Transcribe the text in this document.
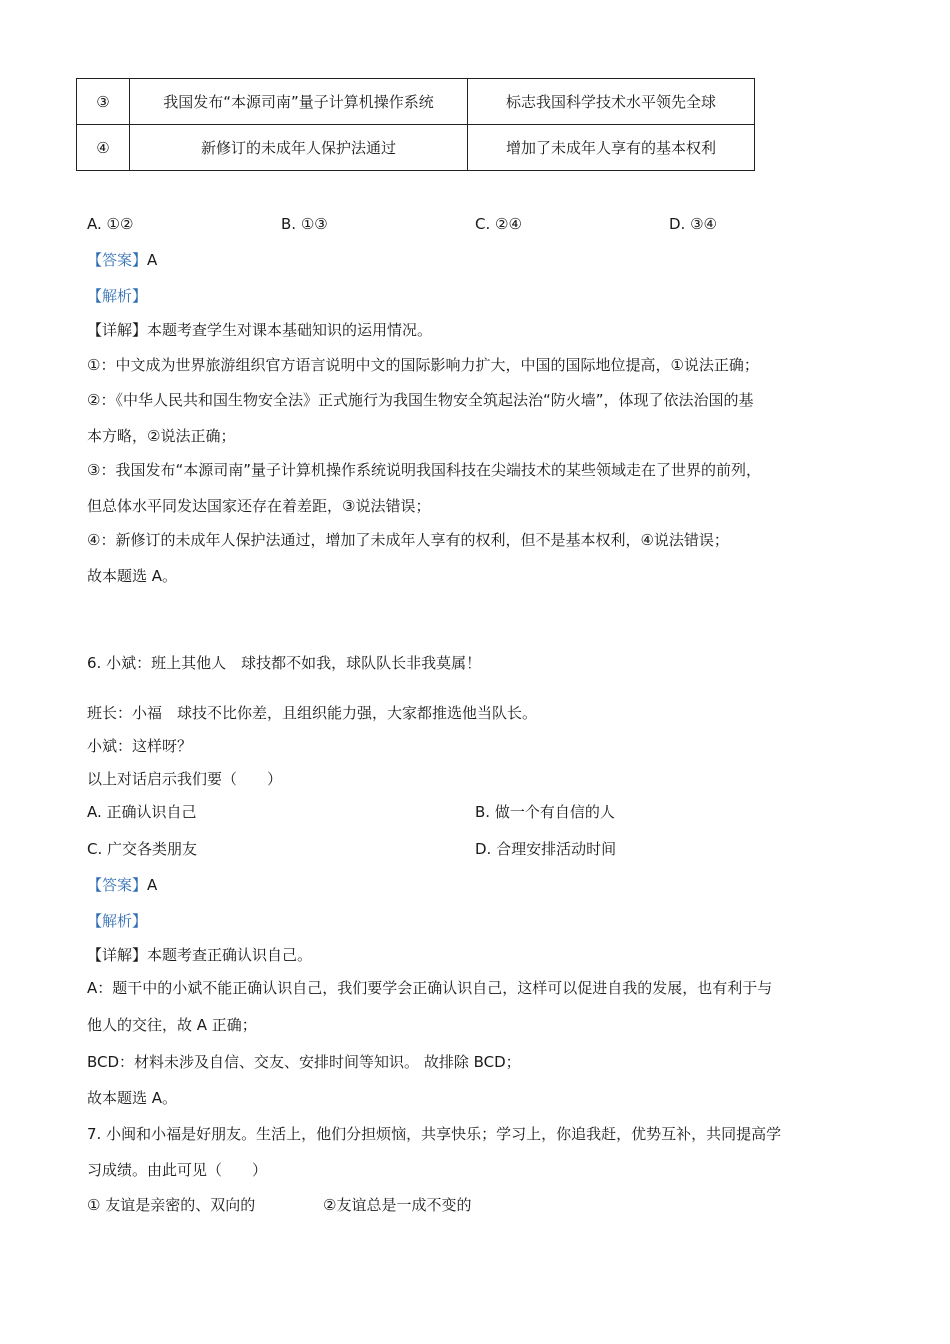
③	我国发布“本源司南”量子计算机操作系统	标志我国科学技术水平领先全球
④	新修订的未成年人保护法通过	增加了未成年人享有的基本权利
A. ①②	B. ①③	C. ②④	D. ③④
【答案】A
【解析】
【详解】本题考查学生对课本基础知识的运用情况。
①：中文成为世界旅游组织官方语言说明中文的国际影响力扩大，中国的国际地位提高，①说法正确；
②：《中华人民共和国生物安全法》正式施行为我国生物安全筑起法治“防火墙”，体现了依法治国的基
本方略，②说法正确；
③：我国发布“本源司南”量子计算机操作系统说明我国科技在尖端技术的某些领域走在了世界的前列，
但总体水平同发达国家还存在着差距，③说法错误；
④：新修订的未成年人保护法通过，增加了未成年人享有的权利，但不是基本权利，④说法错误；
故本题选 A。
6. 小斌：班上其他人　球技都不如我，球队队长非我莫属！
班长：小福　球技不比你差，且组织能力强，大家都推选他当队长。
小斌：这样呀？
以上对话启示我们要（　　）
A. 正确认识自己	B. 做一个有自信的人
C. 广交各类朋友	D. 合理安排活动时间
【答案】A
【解析】
【详解】本题考查正确认识自己。
A：题干中的小斌不能正确认识自己，我们要学会正确认识自己，这样可以促进自我的发展，也有利于与
他人的交往，故 A 正确；
BCD：材料未涉及自信、交友、安排时间等知识。 故排除 BCD；
故本题选 A。
7. 小闽和小福是好朋友。生活上，他们分担烦恼，共享快乐；学习上，你追我赶，优势互补，共同提高学
习成绩。由此可见（　　）
① 友谊是亲密的、双向的	②友谊总是一成不变的
